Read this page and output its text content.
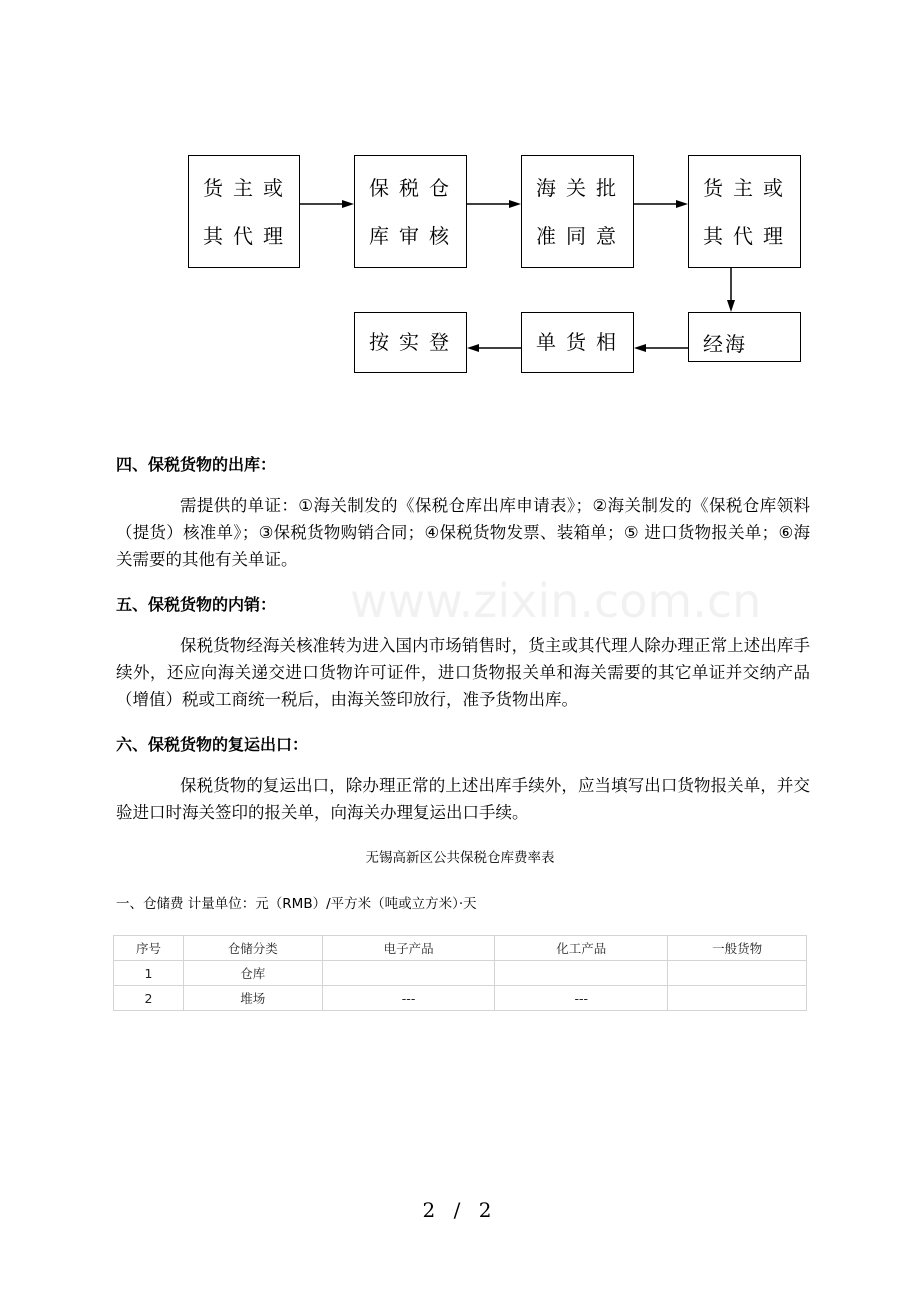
货主或
其代理
保税仓
库审核
海关批
准同意
货主或
其代理
经海
单货相
按实登
四、保税货物的出库：
需提供的单证：①海关制发的《保税仓库出库申请表》；②海关制发的《保税仓库领料（提货）核准单》；③保税货物购销合同；④保税货物发票、装箱单；⑤ 进口货物报关单；⑥海关需要的其他有关单证。
五、保税货物的内销：
保税货物经海关核准转为进入国内市场销售时，货主或其代理人除办理正常上述出库手续外，还应向海关递交进口货物许可证件，进口货物报关单和海关需要的其它单证并交纳产品（增值）税或工商统一税后，由海关签印放行，准予货物出库。
六、保税货物的复运出口：
保税货物的复运出口，除办理正常的上述出库手续外，应当填写出口货物报关单，并交验进口时海关签印的报关单，向海关办理复运出口手续。
www.zixin.com.cn
无锡高新区公共保税仓库费率表
一、仓储费 计量单位：元（RMB）/平方米（吨或立方米）·天
序号	仓储分类	电子产品	化工产品	一般货物
1	仓库			
2	堆场	---	---	
2 / 2
